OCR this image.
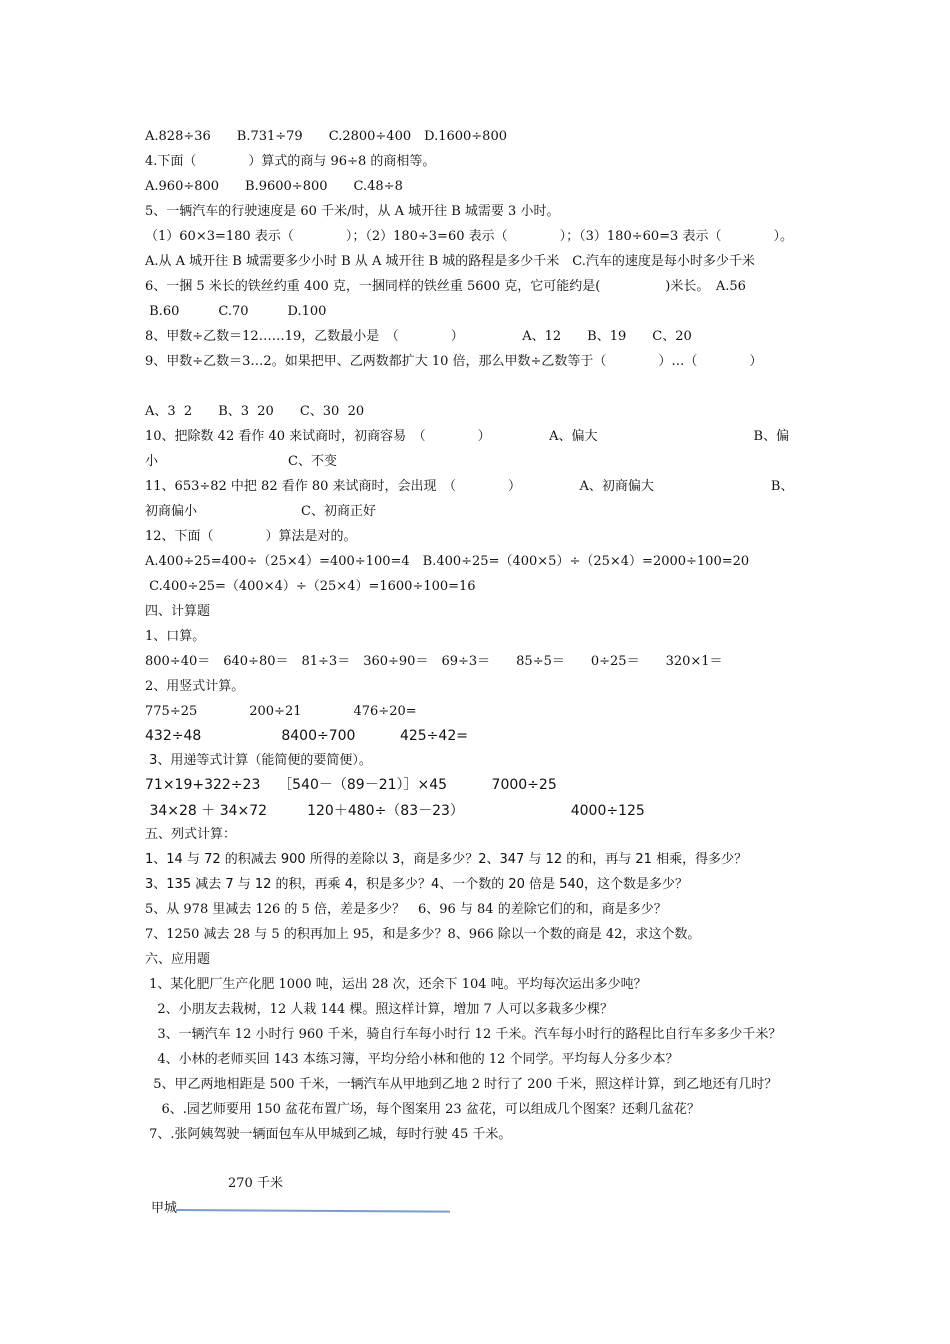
A.828÷36　　B.731÷79　　C.2800÷400　D.1600÷800
4.下面（　　　　）算式的商与 96÷8 的商相等。
A.960÷800　　B.9600÷800　　C.48÷8
5、一辆汽车的行驶速度是 60 千米/时，从 A 城开往 B 城需要 3 小时。
（1）60×3=180 表示（　　　　）；（2）180÷3=60 表示（　　　　）；（3）180÷60=3 表示（　　　　）。
A.从 A 城开往 B 城需要多少小时 B 从 A 城开往 B 城的路程是多少千米　C.汽车的速度是每小时多少千米
6、一捆 5 米长的铁丝约重 400 克，一捆同样的铁丝重 5600 克，它可能约是(　　　　　)米长。　A.56
B.60　　　C.70　　　D.100
8、甲数÷乙数＝12……19，乙数最小是　（　　　　）　　　　　A、12　　B、19　　C、20
9、甲数÷乙数＝3…2。如果把甲、乙两数都扩大 10 倍，那么甲数÷乙数等于（　　　　）…（　　　　）
A、3  2　　B、3  20　　C、30  20
10、把除数 42 看作 40 来试商时，初商容易　（　　　　）　　　　　A、偏大　　　　　　　　　　　　B、偏
小　　　　　　　　　　C、不变
11、653÷82 中把 82 看作 80 来试商时，会出现　（　　　　）　　　　　A、初商偏大　　　　　　　　　B、
初商偏小　　　　　　　　C、初商正好
12、下面（　　　　）算法是对的。
A.400÷25=400÷（25×4）=400÷100=4　B.400÷25=（400×5）÷（25×4）=2000÷100=20
C.400÷25=（400×4）÷（25×4）=1600÷100=16
四、计算题
1、口算。
800÷40＝　640÷80＝　81÷3＝　360÷90＝　69÷3＝　　85÷5＝　　0÷25＝　　320×1＝
2、用竖式计算。
775÷25　　　　200÷21　　　　476÷20=
432÷48                  8400÷700          425÷42=
3、用递等式计算（能简便的要简便）。
71×19+322÷23    ［540－（89－21）］×45          7000÷25
34×28 ＋ 34×72         120＋480÷（83－23）                        4000÷125
五、列式计算：
1、14 与 72 的积减去 900 所得的差除以 3，商是多少？2、347 与 12 的和，再与 21 相乘，得多少？
3、135 减去 7 与 12 的积，再乘 4，积是多少？4、一个数的 20 倍是 540，这个数是多少？
5、从 978 里减去 126 的 5 倍，差是多少？　6、96 与 84 的差除它们的和，商是多少？
7、1250 减去 28 与 5 的积再加上 95，和是多少？8、966 除以一个数的商是 42，求这个数。
六、应用题
1、某化肥厂生产化肥 1000 吨，运出 28 次，还余下 104 吨。平均每次运出多少吨？
2、小朋友去栽树，12 人栽 144 棵。照这样计算，增加 7 人可以多栽多少棵？
3、一辆汽车 12 小时行 960 千米，骑自行车每小时行 12 千米。汽车每小时行的路程比自行车多多少千米？
4、小林的老师买回 143 本练习簿，平均分给小林和他的 12 个同学。平均每人分多少本？
5、甲乙两地相距是 500 千米，一辆汽车从甲地到乙地 2 时行了 200 千米，照这样计算，到乙地还有几时？
6、.园艺师要用 150 盆花布置广场，每个图案用 23 盆花，可以组成几个图案？还剩几盆花？
7、.张阿姨驾驶一辆面包车从甲城到乙城，每时行驶 45 千米。
270 千米
甲城
